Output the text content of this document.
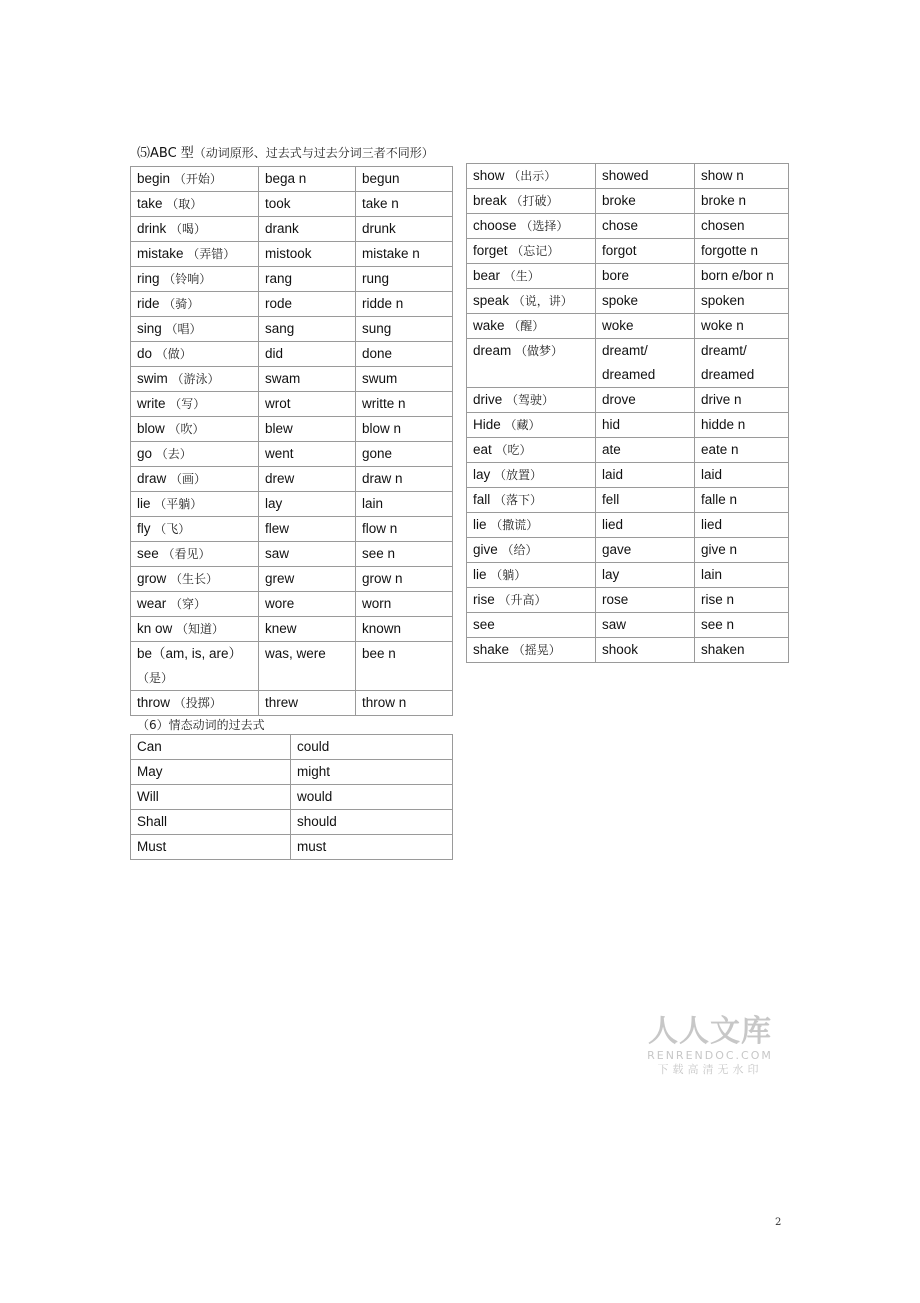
⑸ABC 型（动词原形、过去式与过去分词三者不同形）
begin （开始）	bega n	begun
take （取）	took	take n
drink （喝）	drank	drunk
mistake （弄错）	mistook	mistake n
ring （铃响）	rang	rung
ride （骑）	rode	ridde n
sing （唱）	sang	sung
do （做）	did	done
swim （游泳）	swam	swum
write （写）	wrot	writte n
blow （吹）	blew	blow n
go （去）	went	gone
draw （画）	drew	draw n
lie （平躺）	lay	lain
fly （飞）	flew	flow n
see （看见）	saw	see n
grow （生长）	grew	grow n
wear （穿）	wore	worn
kn ow （知道）	knew	known
be（am, is, are）
（是）	was, were	bee n
throw （投掷）	threw	throw n
show （出示）	showed	show n
break （打破）	broke	broke n
choose （选择）	chose	chosen
forget （忘记）	forgot	forgotte n
bear （生）	bore	born e/bor n
speak （说，讲）	spoke	spoken
wake （醒）	woke	woke n
dream （做梦）	dreamt/ dreamed	dreamt/ dreamed
drive （驾驶）	drove	drive n
Hide （藏）	hid	hidde n
eat （吃）	ate	eate n
lay （放置）	laid	laid
fall （落下）	fell	falle n
lie （撒谎）	lied	lied
give （给）	gave	give n
lie （躺）	lay	lain
rise （升高）	rose	rise n
see	saw	see n
shake （摇晃）	shook	shaken
（6）情态动词的过去式
Can	could
May	might
Will	would
Shall	should
Must	must
人人文库
RENRENDOC.COM
下载高清无水印
2
